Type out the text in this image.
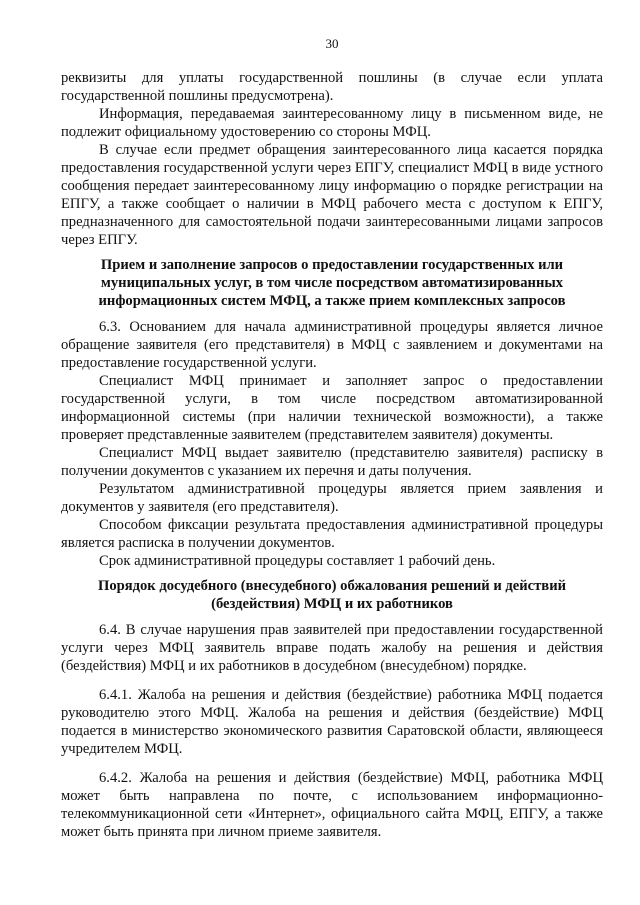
30

реквизиты для уплаты государственной пошлины (в случае если уплата государственной пошлины предусмотрена).

Информация, передаваемая заинтересованному лицу в письменном виде, не подлежит официальному удостоверению со стороны МФЦ.

В случае если предмет обращения заинтересованного лица касается порядка предоставления государственной услуги через ЕПГУ, специалист МФЦ в виде устного сообщения передает заинтересованному лицу информацию о порядке регистрации на ЕПГУ, а также сообщает о наличии в МФЦ рабочего места с доступом к ЕПГУ, предназначенного для самостоятельной подачи заинтересованными лицами запросов через ЕПГУ.

Прием и заполнение запросов о предоставлении государственных или
муниципальных услуг, в том числе посредством автоматизированных
информационных систем МФЦ, а также прием комплексных запросов

6.3. Основанием для начала административной процедуры является личное обращение заявителя (его представителя) в МФЦ с заявлением и документами на предоставление государственной услуги.

Специалист МФЦ принимает и заполняет запрос о предоставлении государственной услуги, в том числе посредством автоматизированной информационной системы (при наличии технической возможности), а также проверяет представленные заявителем (представителем заявителя) документы.

Специалист МФЦ выдает заявителю (представителю заявителя) расписку в получении документов с указанием их перечня и даты получения.

Результатом административной процедуры является прием заявления и документов у заявителя (его представителя).

Способом фиксации результата предоставления административной процедуры является расписка в получении документов.

Срок административной процедуры составляет 1 рабочий день.

Порядок досудебного (внесудебного) обжалования решений и действий
(бездействия) МФЦ и их работников

6.4. В случае нарушения прав заявителей при предоставлении государственной услуги через МФЦ заявитель вправе подать жалобу на решения и действия (бездействия) МФЦ и их работников в досудебном (внесудебном) порядке.

6.4.1. Жалоба на решения и действия (бездействие) работника МФЦ подается руководителю этого МФЦ. Жалоба на решения и действия (бездействие) МФЦ подается в министерство экономического развития Саратовской области, являющееся учредителем МФЦ.

6.4.2. Жалоба на решения и действия (бездействие) МФЦ, работника МФЦ может быть направлена по почте, с использованием информационно-телекоммуникационной сети «Интернет», официального сайта МФЦ, ЕПГУ, а также может быть принята при личном приеме заявителя.
